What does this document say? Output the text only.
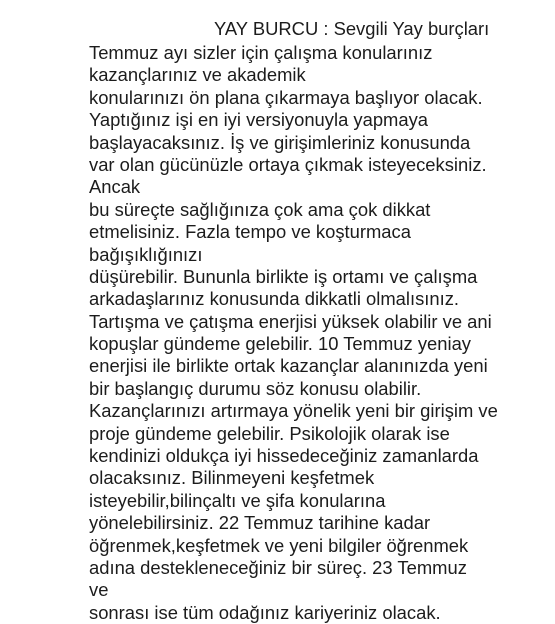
YAY BURCU : Sevgili Yay burçları
Temmuz ayı sizler için çalışma konularınız
kazançlarınız ve akademik
konularınızı ön plana çıkarmaya başlıyor olacak.
Yaptığınız işi en iyi versiyonuyla yapmaya
başlayacaksınız. İş ve girişimleriniz konusunda
var olan gücünüzle ortaya çıkmak isteyeceksiniz.
Ancak
bu süreçte sağlığınıza çok ama çok dikkat
etmelisiniz. Fazla tempo ve koşturmaca
bağışıklığınızı
düşürebilir. Bununla birlikte iş ortamı ve çalışma
arkadaşlarınız konusunda dikkatli olmalısınız.
Tartışma ve çatışma enerjisi yüksek olabilir ve ani
kopuşlar gündeme gelebilir. 10 Temmuz yeniay
enerjisi ile birlikte ortak kazançlar alanınızda yeni
bir başlangıç durumu söz konusu olabilir.
Kazançlarınızı artırmaya yönelik yeni bir girişim ve
proje gündeme gelebilir. Psikolojik olarak ise
kendinizi oldukça iyi hissedeceğiniz zamanlarda
olacaksınız. Bilinmeyeni keşfetmek
isteyebilir,bilinçaltı ve şifa konularına
yönelebilirsiniz. 22 Temmuz tarihine kadar
öğrenmek,keşfetmek ve yeni bilgiler öğrenmek
adına destekleneceğiniz bir süreç. 23 Temmuz
ve
sonrası ise tüm odağınız kariyeriniz olacak.
